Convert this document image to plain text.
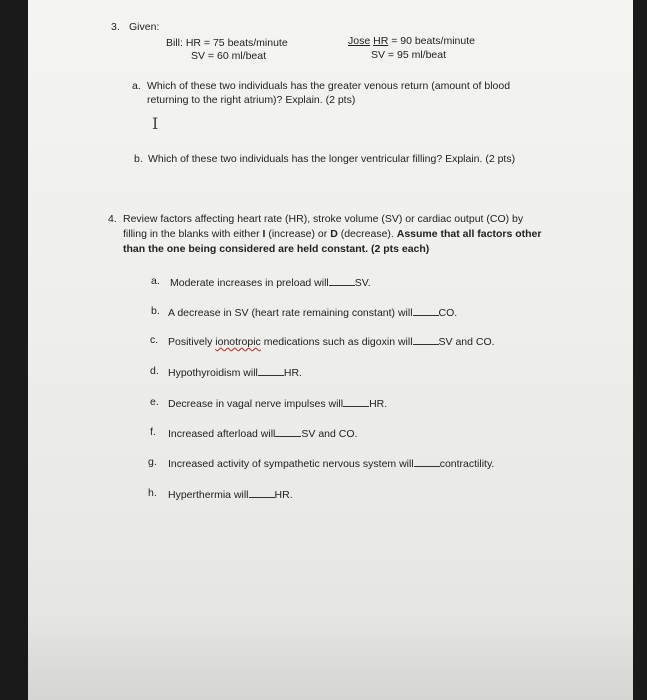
3. Given:
Bill: HR = 75 beats/minute
SV = 60 ml/beat
Jose HR = 90 beats/minute
SV = 95 ml/beat
a. Which of these two individuals has the greater venous return (amount of blood
returning to the right atrium)? Explain. (2 pts)
I
b. Which of these two individuals has the longer ventricular filling? Explain. (2 pts)
4. Review factors affecting heart rate (HR), stroke volume (SV) or cardiac output (CO) by
filling in the blanks with either I (increase) or D (decrease). Assume that all factors other
than the one being considered are held constant. (2 pts each)
a. Moderate increases in preload will SV.
b. A decrease in SV (heart rate remaining constant) will CO.
c. Positively ionotropic medications such as digoxin will SV and CO.
d. Hypothyroidism will HR.
e. Decrease in vagal nerve impulses will HR.
f. Increased afterload will SV and CO.
g. Increased activity of sympathetic nervous system will contractility.
h. Hyperthermia will HR.
